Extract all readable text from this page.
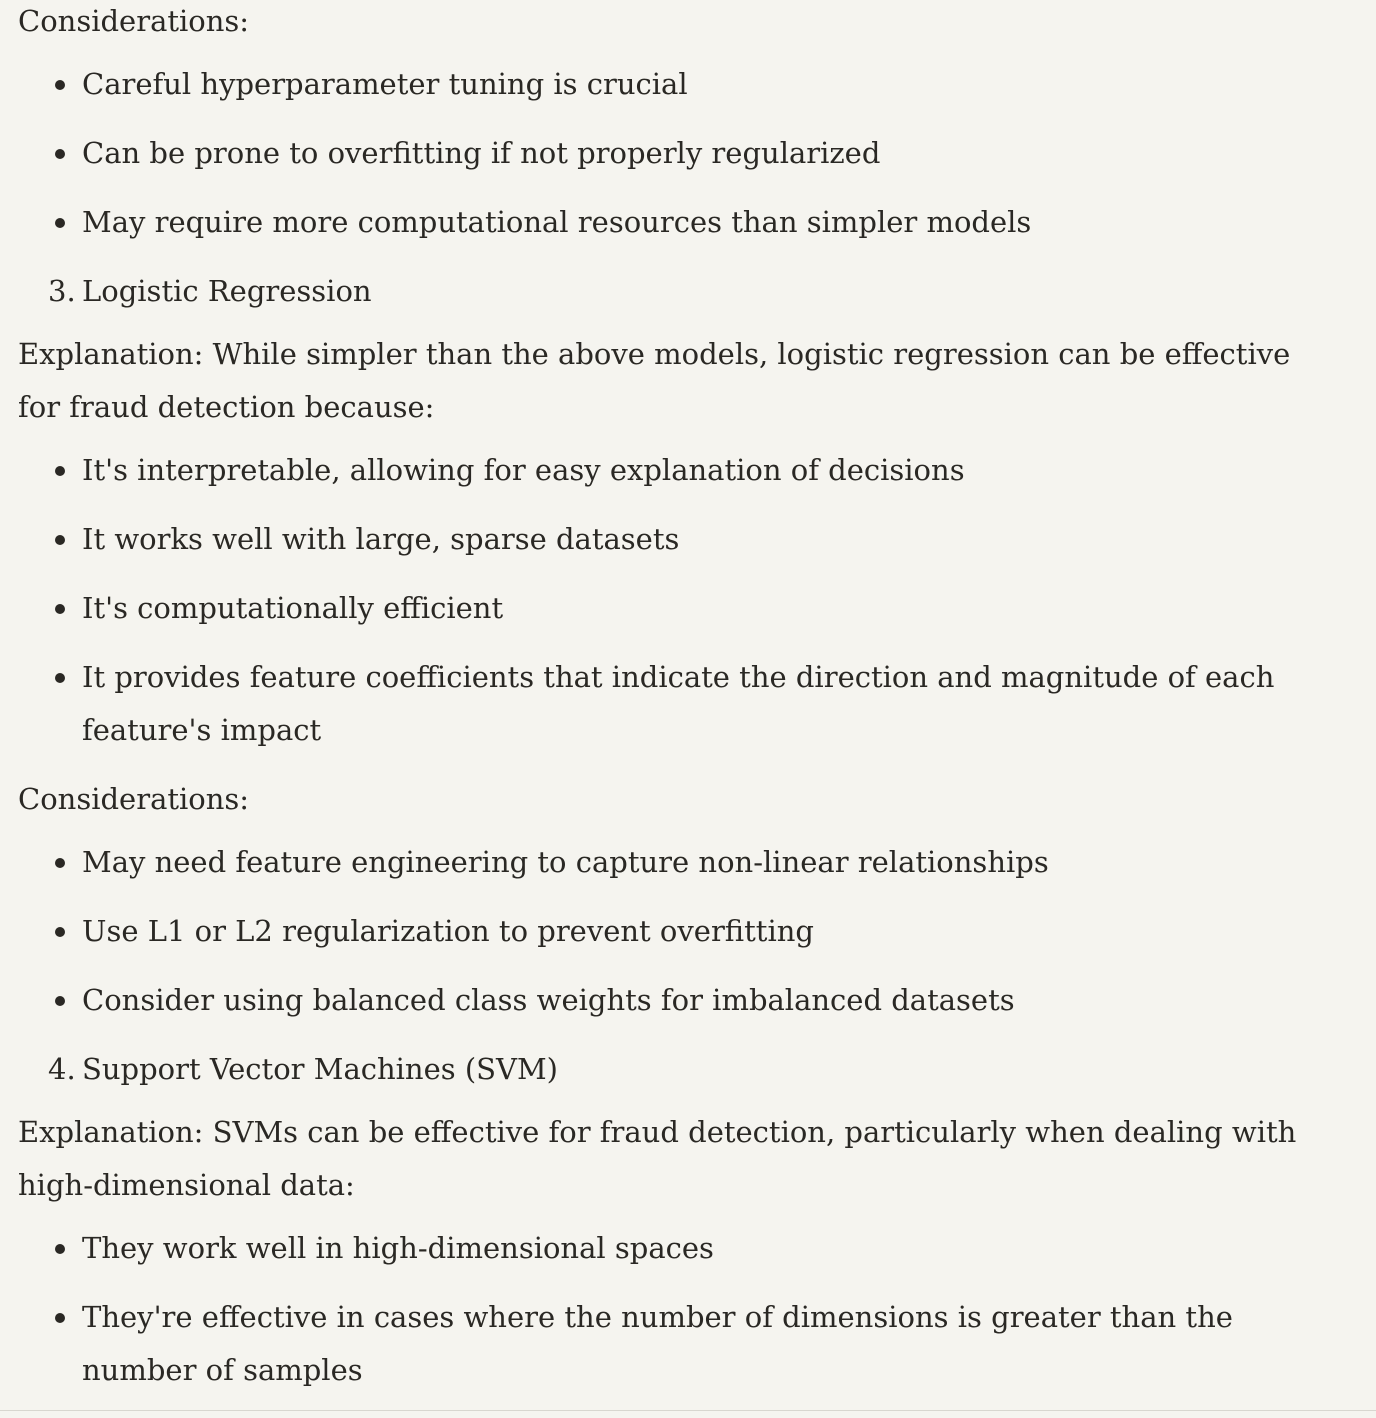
Considerations:

Careful hyperparameter tuning is crucial
Can be prone to overfitting if not properly regularized
May require more computational resources than simpler models
3. Logistic Regression

Explanation: While simpler than the above models, logistic regression can be effective for fraud detection because:

It's interpretable, allowing for easy explanation of decisions
It works well with large, sparse datasets
It's computationally efficient
It provides feature coefficients that indicate the direction and magnitude of each feature's impact

Considerations:

May need feature engineering to capture non-linear relationships
Use L1 or L2 regularization to prevent overfitting
Consider using balanced class weights for imbalanced datasets
4. Support Vector Machines (SVM)

Explanation: SVMs can be effective for fraud detection, particularly when dealing with high-dimensional data:

They work well in high-dimensional spaces
They're effective in cases where the number of dimensions is greater than the number of samples
